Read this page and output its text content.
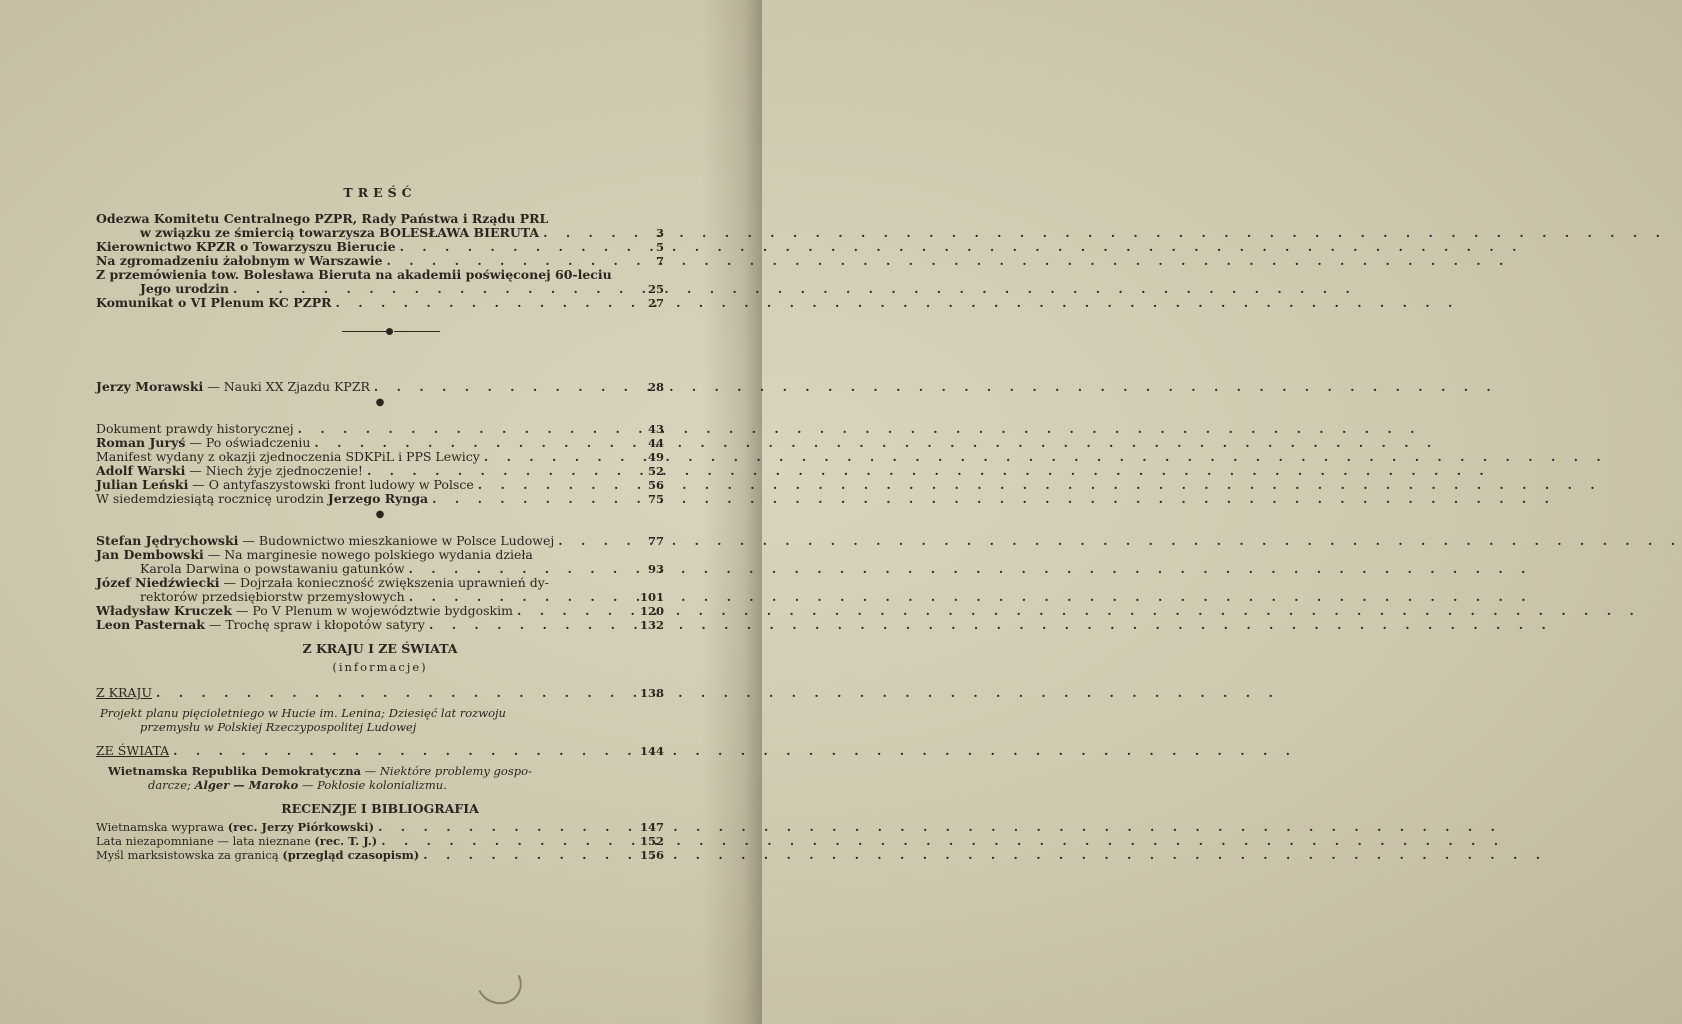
TREŚĆ
Odezwa Komitetu Centralnego PZPR, Rady Państwa i Rządu PRL
w związku ze śmiercią towarzysza BOLESŁAWA BIERUTA . . .	3
Kierownictwo KPZR o Towarzyszu Bierucie . . .	5
Na zgromadzeniu żałobnym w Warszawie . . .	7
Z przemówienia tow. Bolesława Bieruta na akademii poświęconej 60-leciu
Jego urodzin . . .	25
Komunikat o VI Plenum KC PZPR . . .	27
Jerzy Morawski — Nauki XX Zjazdu KPZR . . .	28
●
Dokument prawdy historycznej . . .	43
Roman Juryś — Po oświadczeniu . . .	44
Manifest wydany z okazji zjednoczenia SDKPiL i PPS Lewicy . . .	49
Adolf Warski — Niech żyje zjednoczenie! . . .	52
Julian Leński — O antyfaszystowski front ludowy w Polsce . . .	56
W siedemdziesiątą rocznicę urodzin Jerzego Rynga . . .	75
●
Stefan Jędrychowski — Budownictwo mieszkaniowe w Polsce Ludowej . . .	77
Jan Dembowski — Na marginesie nowego polskiego wydania dzieła
Karola Darwina o powstawaniu gatunków . . .	93
Józef Niedźwiecki — Dojrzała konieczność zwiększenia uprawnień dy-
rektorów przedsiębiorstw przemysłowych . . .	101
Władysław Kruczek — Po V Plenum w województwie bydgoskim . . .	120
Leon Pasternak — Trochę spraw i kłopotów satyry . . .	132
Z KRAJU I ZE ŚWIATA
(informacje)
Z KRAJU . . .	138
Projekt planu pięcioletniego w Hucie im. Lenina; Dziesięć lat rozwoju
przemysłu w Polskiej Rzeczypospolitej Ludowej
ZE ŚWIATA . . .	144
Wietnamska Republika Demokratyczna — Niektóre problemy gospo-
darcze; Alger — Maroko — Pokłosie kolonializmu.
RECENZJE I BIBLIOGRAFIA
Wietnamska wyprawa (rec. Jerzy Piórkowski) . . .	147
Lata niezapomniane — lata nieznane (rec. T. J.) . . .	152
Myśl marksistowska za granicą (przegląd czasopism) . . .	156
